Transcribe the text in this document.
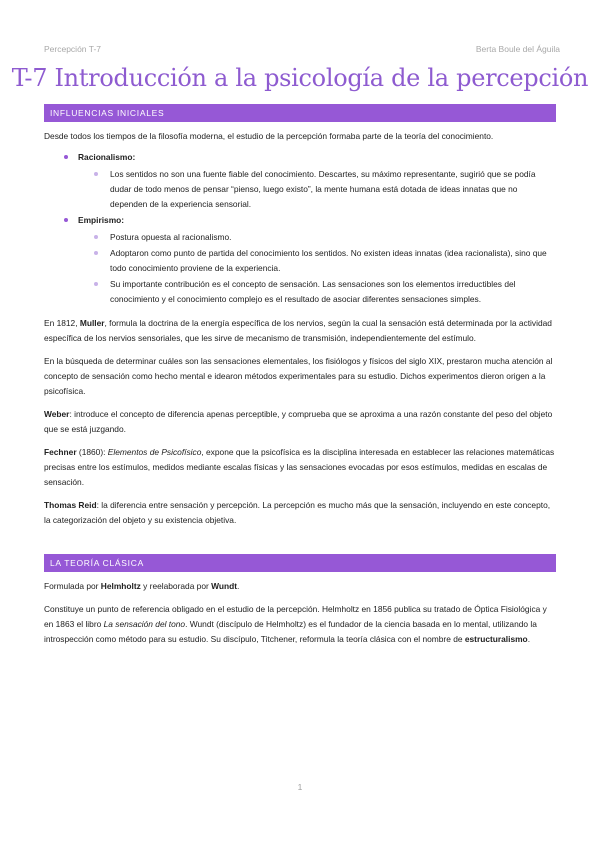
Percepción T-7	Berta Boule del Águila
T-7 Introducción a la psicología de la percepción
INFLUENCIAS INICIALES

Desde todos los tiempos de la filosofía moderna, el estudio de la percepción formaba parte de la teoría del conocimiento.

Racionalismo:
Los sentidos no son una fuente fiable del conocimiento. Descartes, su máximo representante, sugirió que se podía dudar de todo menos de pensar “pienso, luego existo”, la mente humana está dotada de ideas innatas que no dependen de la experiencia sensorial.
Empirismo:
Postura opuesta al racionalismo.
Adoptaron como punto de partida del conocimiento los sentidos. No existen ideas innatas (idea racionalista), sino que todo conocimiento proviene de la experiencia.
Su importante contribución es el concepto de sensación. Las sensaciones son los elementos irreductibles del conocimiento y el conocimiento complejo es el resultado de asociar diferentes sensaciones simples.

En 1812, Muller, formula la doctrina de la energía específica de los nervios, según la cual la sensación está determinada por la actividad específica de los nervios sensoriales, que les sirve de mecanismo de transmisión, independientemente del estímulo.

En la búsqueda de determinar cuáles son las sensaciones elementales, los fisiólogos y físicos del siglo XIX, prestaron mucha atención al concepto de sensación como hecho mental e idearon métodos experimentales para su estudio. Dichos experimentos dieron origen a la psicofísica.

Weber: introduce el concepto de diferencia apenas perceptible, y comprueba que se aproxima a una razón constante del peso del objeto que se está juzgando.

Fechner (1860): Elementos de Psicofísico, expone que la psicofísica es la disciplina interesada en establecer las relaciones matemáticas precisas entre los estímulos, medidos mediante escalas físicas y las sensaciones evocadas por esos estímulos, medidas en escalas de sensación.

Thomas Reid: la diferencia entre sensación y percepción. La percepción es mucho más que la sensación, incluyendo en este concepto, la categorización del objeto y su existencia objetiva.

LA TEORÍA CLÁSICA

Formulada por Helmholtz y reelaborada por Wundt.

Constituye un punto de referencia obligado en el estudio de la percepción. Helmholtz en 1856 publica su tratado de Óptica Fisiológica y en 1863 el libro La sensación del tono. Wundt (discípulo de Helmholtz) es el fundador de la ciencia basada en lo mental, utilizando la introspección como método para su estudio. Su discípulo, Titchener, reformula la teoría clásica con el nombre de estructuralismo.

1
